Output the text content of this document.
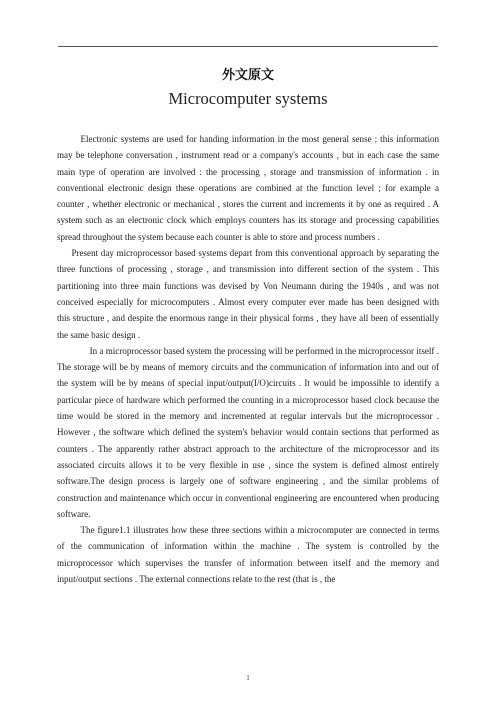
外文原文
Microcomputer systems

Electronic systems are used for handing information in the most general sense ; this information may be telephone conversation , instrument read or a company's accounts , but in each case the same main type of operation are involved : the processing , storage and transmission of information . in conventional electronic design these operations are combined at the function level ; for example a counter , whether electronic or mechanical , stores the current and increments it by one as required . A system such as an electronic clock which employs counters has its storage and processing capabilities spread throughout the system because each counter is able to store and process numbers .

Present day microprocessor based systems depart from this conventional approach by separating the three functions of processing , storage , and transmission into different section of the system . This partitioning into three main functions was devised by Von Neumann during the 1940s , and was not conceived especially for microcomputers . Almost every computer ever made has been designed with this structure , and despite the enormous range in their physical forms , they have all been of essentially the same basic design .

In a microprocessor based system the processing will be performed in the microprocessor itself . The storage will be by means of memory circuits and the communication of information into and out of the system will be by means of special input/output(I/O)circuits . It would be impossible to identify a particular piece of hardware which performed the counting in a microprocessor based clock because the time would be stored in the memory and incremented at regular intervals but the microprocessor . However , the software which defined the system's behavior would contain sections that performed as counters . The apparently rather abstract approach to the architecture of the microprocessor and its associated circuits allows it to be very flexible in use , since the system is defined almost entirely software.The design process is largely one of software engineering , and the similar problems of construction and maintenance which occur in conventional engineering are encountered when producing software.

The figure1.1 illustrates how these three sections within a microcomputer are connected in terms of the communication of information within the machine . The system is controlled by the microprocessor which supervises the transfer of information between itself and the memory and input/output sections . The external connections relate to the rest (that is , the

1
